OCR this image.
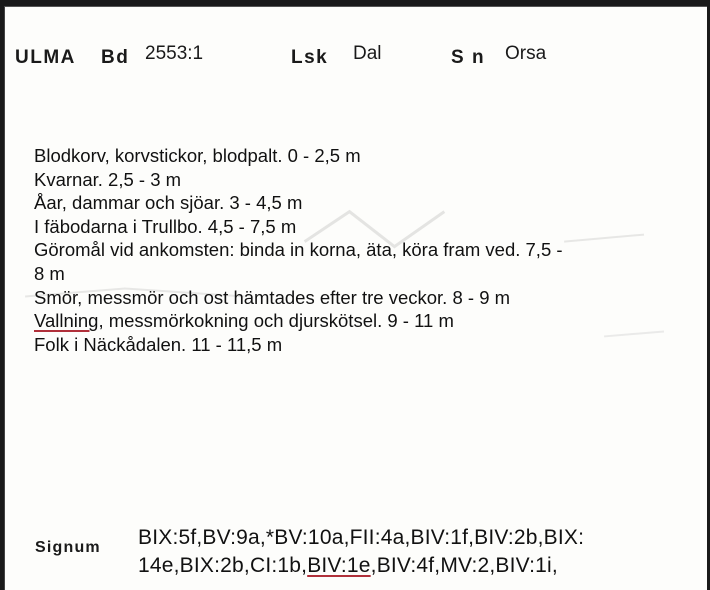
ULMA Bd 2553:1	Lsk Dal	S n Orsa
Blodkorv, korvstickor, blodpalt. 0 - 2,5 m
Kvarnar. 2,5 - 3 m
Åar, dammar och sjöar. 3 - 4,5 m
I fäbodarna i Trullbo. 4,5 - 7,5 m
Göromål vid ankomsten: binda in korna, äta, köra fram ved. 7,5 -
8 m
Smör, messmör och ost hämtades efter tre veckor. 8 - 9 m
Vallning, messmörkokning och djurskötsel. 9 - 11 m
Folk i Näckådalen. 11 - 11,5 m
Signum BIX:5f,BV:9a,*BV:10a,FII:4a,BIV:1f,BIV:2b,BIX:
14e,BIX:2b,CI:1b,BIV:1e,BIV:4f,MV:2,BIV:1i,
